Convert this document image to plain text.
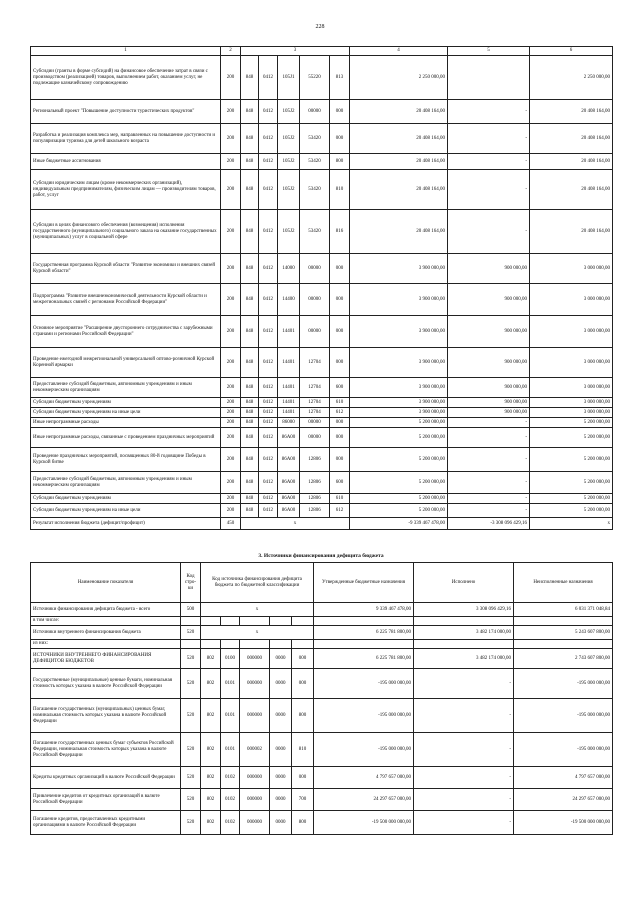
228
1	2	3					4	5	6
Субсидии (гранты в форме субсидий) на финансовое обеспечение затрат в связи с производством (реализацией) товаров, выполнением работ, оказанием услуг, не подлежащие казначейскому сопровождению	200	848	0412	105J1	55220	813	2 250 000,00		2 250 000,00
Региональный проект "Повышение доступности туристических продуктов"	200	848	0412	105J2	00000	000	20 408 164,00	-	20 408 164,00
Разработка и реализация комплекса мер, направленных на повышение доступности и популяризации туризма для детей школьного возраста	200	848	0412	105J2	53420	000	20 408 164,00	-	20 408 164,00
Иные бюджетные ассигнования	200	848	0412	105J2	53420	800	20 408 164,00	-	20 408 164,00
Субсидии юридическим лицам (кроме некоммерческих организаций), индивидуальным предпринимателям, физическим лицам — производителям товаров, работ, услуг	200	848	0412	105J2	53420	810	20 408 164,00	-	20 408 164,00
Субсидии в целях финансового обеспечения (возмещения) исполнения государственного (муниципального) социального заказа на оказание государственных (муниципальных) услуг в социальной сфере	200	848	0412	105J2	53420	816	20 408 164,00	-	20 408 164,00
Государственная программа Курской области "Развитие экономики и внешних связей Курской области"	200	848	0412	14000	00000	000	3 900 000,00	900 000,00	3 000 000,00
Подпрограмма "Развитие внешнеэкономической деятельности Курской области и межрегиональных связей с регионами Российской Федерации"	200	848	0412	14400	00000	000	3 900 000,00	900 000,00	3 000 000,00
Основное мероприятие "Расширение двустороннего сотрудничества с зарубежными странами и регионами Российской Федерации"	200	848	0412	14401	00000	000	3 900 000,00	900 000,00	3 000 000,00
Проведение ежегодной межрегиональной универсальной оптово-розничной Курской Коренной ярмарки	200	848	0412	14401	12704	000	3 900 000,00	900 000,00	3 000 000,00
Предоставление субсидий бюджетным, автономным учреждениям и иным некоммерческим организациям	200	848	0412	14401	12704	600	3 900 000,00	900 000,00	3 000 000,00
Субсидии бюджетным учреждениям	200	848	0412	14401	12704	610	3 900 000,00	900 000,00	3 000 000,00
Субсидии бюджетным учреждениям на иные цели	200	848	0412	14401	12704	612	3 900 000,00	900 000,00	3 000 000,00
Иные непрограммные расходы	200	848	0412	86000	00000	000	5 200 000,00	-	5 200 000,00
Иные непрограммные расходы, связанные с проведением праздничных мероприятий	200	848	0412	86A00	00000	000	5 200 000,00	-	5 200 000,00
Проведение праздничных мероприятий, посвященных 80-й годовщине Победы в Курской битве	200	848	0412	86A00	12806	000	5 200 000,00	-	5 200 000,00
Предоставление субсидий бюджетным, автономным учреждениям и иным некоммерческим организациям	200	848	0412	86A00	12806	600	5 200 000,00	-	5 200 000,00
Субсидии бюджетным учреждениям	200	848	0412	86A00	12806	610	5 200 000,00	-	5 200 000,00
Субсидии бюджетным учреждениям на иные цели	200	848	0412	86A00	12806	612	5 200 000,00	-	5 200 000,00
Результат исполнения бюджета (дефицит/профицит)	450	x					-9 339 467 478,00	-3 308 096 429,16	x
3. Источники финансирования дефицита бюджета
Наименование показателя	Код стро-ки	Код источника финансирования дефицита бюджета по бюджетной классификации					Утвержденные бюджетные назначения	Исполнено	Неисполненные назначения
Источники финансирования дефицита бюджета - всего	500	x					9 339 467 478,00	3 308 096 429,16	6 031 371 048,84
в том числе:									
Источники внутреннего финансирования бюджета	520	x					6 225 781 800,00	3 482 174 000,00	5 243 607 800,00
из них:									
ИСТОЧНИКИ ВНУТРЕННЕГО ФИНАНСИРОВАНИЯ ДЕФИЦИТОВ БЮДЖЕТОВ	520	802	0100	000000	0000	000	6 225 781 800,00	3 482 174 000,00	2 743 607 800,00
Государственные (муниципальные) ценные бумаги, номинальная стоимость которых указана в валюте Российской Федерации	520	802	0101	000000	0000	000	-195 000 000,00	-	-195 000 000,00
Погашение государственных (муниципальных) ценных бумаг, номинальная стоимость которых указана в валюте Российской Федерации	520	802	0101	000000	0000	800	-195 000 000,00	-	-195 000 000,00
Погашение государственных ценных бумаг субъектов Российской Федерации, номинальная стоимость которых указана в валюте Российской Федерации	520	802	0101	000002	0000	810	-195 000 000,00	-	-195 000 000,00
Кредиты кредитных организаций в валюте Российской Федерации	520	802	0102	000000	0000	000	4 797 657 000,00	-	4 797 657 000,00
Привлечение кредитов от кредитных организаций в валюте Российской Федерации	520	802	0102	000000	0000	700	24 297 657 000,00	-	24 297 657 000,00
Погашение кредитов, предоставленных кредитными организациями в валюте Российской Федерации	520	802	0102	000000	0000	800	-19 500 000 000,00	-	-19 500 000 000,00
